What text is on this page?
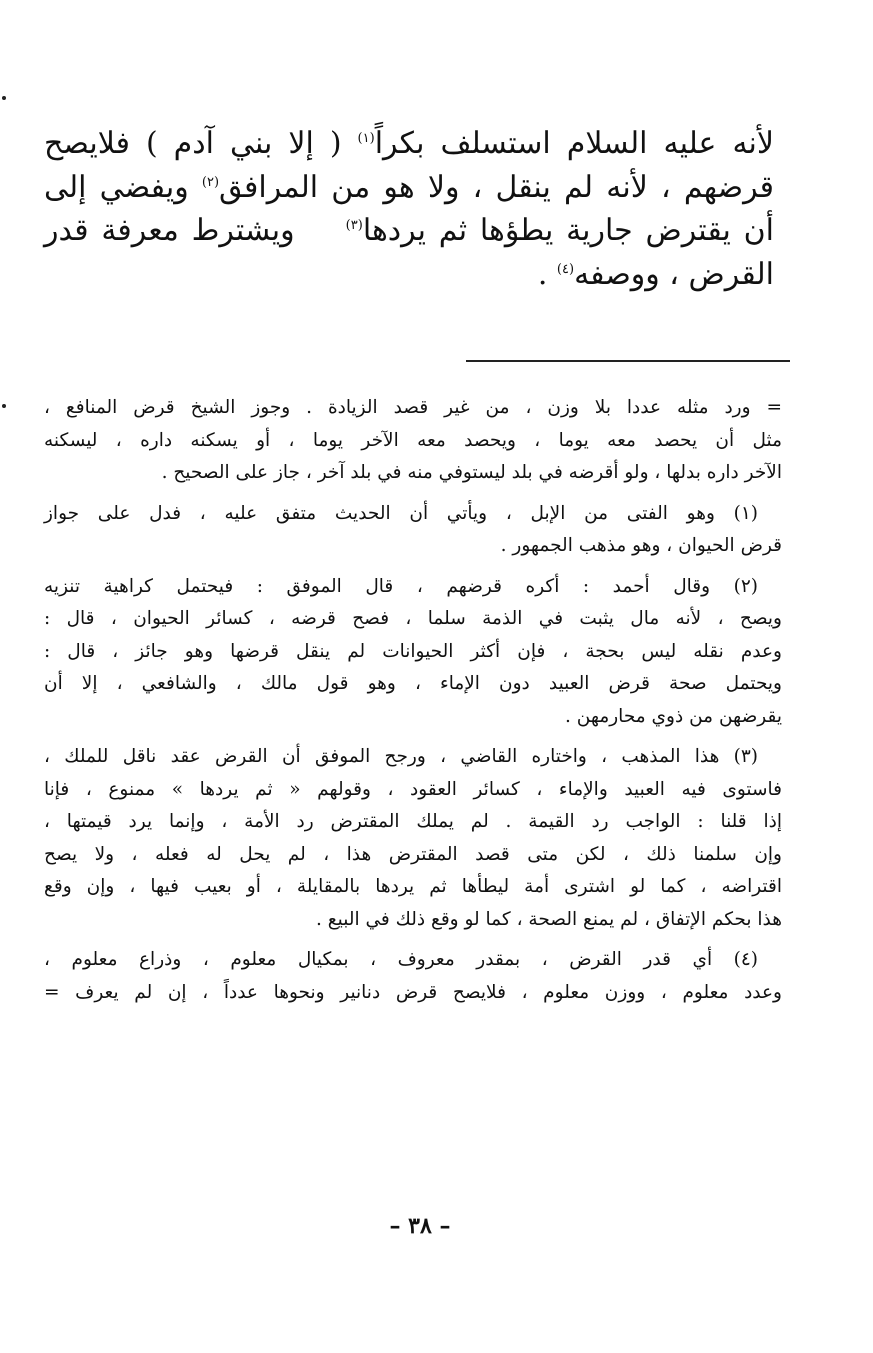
لأنه عليه السلام استسلف بكراً$^{(١)}$ ( إلا بني آدم ) فلايصح
قرضهم ، لأنه لم ينقل ، ولا هو من المرافق$^{(٢)}$ ويفضي إلى
أن يقترض جارية يطؤها ثم يردها$^{(٣)}$    ويشترط معرفة قدر
القرض ، ووصفه$^{(٤)}$ .
= ورد مثله عددا بلا وزن ، من غير قصد الزيادة . وجوز الشيخ قرض المنافع ،
مثل أن يحصد معه يوما ، ويحصد معه الآخر يوما ، أو يسكنه داره ، ليسكنه
الآخر داره بدلها ، ولو أقرضه في بلد ليستوفي منه في بلد آخر ، جاز على الصحيح .
(١) وهو الفتى من الإبل ، ويأتي أن الحديث متفق عليه ، فدل على جواز
قرض الحيوان ، وهو مذهب الجمهور .
(٢) وقال أحمد : أكره قرضهم ، قال الموفق : فيحتمل كراهية تنزيه
ويصح ، لأنه مال يثبت في الذمة سلما ، فصح قرضه ، كسائر الحيوان ، قال :
وعدم نقله ليس بحجة ، فإن أكثر الحيوانات لم ينقل قرضها وهو جائز ، قال :
ويحتمل صحة قرض العبيد دون الإماء ، وهو قول مالك ، والشافعي ، إلا أن
يقرضهن من ذوي محارمهن .
(٣) هذا المذهب ، واختاره القاضي ، ورجح الموفق أن القرض عقد ناقل للملك ،
فاستوى فيه العبيد والإماء ، كسائر العقود ، وقولهم « ثم يردها » ممنوع ، فإنا
إذا قلنا : الواجب رد القيمة . لم يملك المقترض رد الأمة ، وإنما يرد قيمتها ،
وإن سلمنا ذلك ، لكن متى قصد المقترض هذا ، لم يحل له فعله ، ولا يصح
اقتراضه ، كما لو اشترى أمة ليطأها ثم يردها بالمقايلة ، أو بعيب فيها ، وإن وقع
هذا بحكم الإتفاق ، لم يمنع الصحة ، كما لو وقع ذلك في البيع .
(٤) أي قدر القرض ، بمقدر معروف ، بمكيال معلوم ، وذراع معلوم ،
وعدد معلوم ، ووزن معلوم ، فلايصح قرض دنانير ونحوها عدداً ، إن لم يعرف =
– ٣٨ –
